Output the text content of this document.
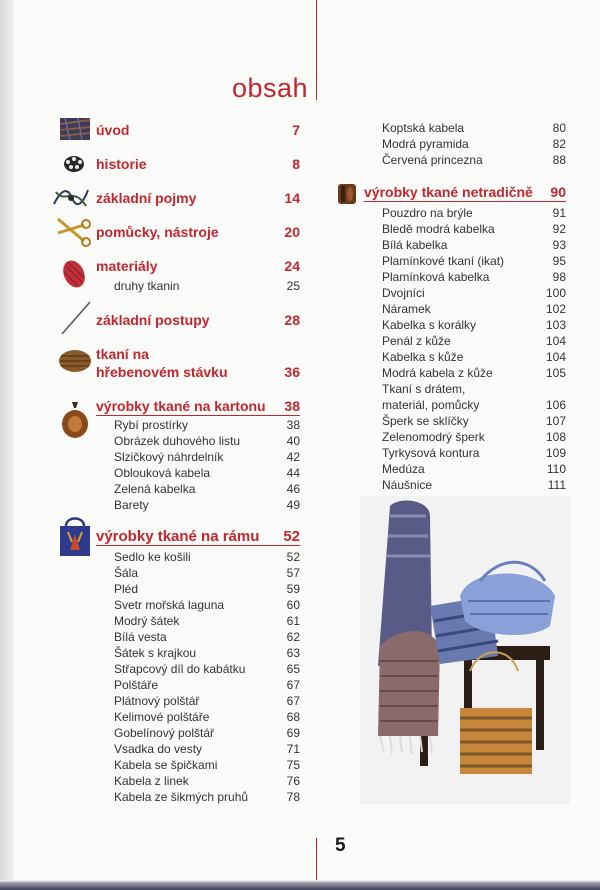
obsah
úvod	7
historie	8
základní pojmy	14
pomůcky, nástroje	20
materiály	24
druhy tkanin	25
základní postupy	28
tkaní na
hřebenovém stávku	36
výrobky tkané na kartonu	38
Rybí prostírky	38
Obrázek duhového listu	40
Slzičkový náhrdelník	42
Oblouková kabela	44
Zelená kabelka	46
Barety	49
výrobky tkané na rámu	52
Sedlo ke košili	52
Šála	57
Pléd	59
Svetr mořská laguna	60
Modrý šátek	61
Bílá vesta	62
Šátek s krajkou	63
Střapcový díl do kabátku	65
Polštáře	67
Plátnový polštář	67
Kelimové polštáře	68
Gobelínový polštář	69
Vsadka do vesty	71
Kabela se špičkami	75
Kabela z linek	76
Kabela ze šikmých pruhů	78
Koptská kabela	80
Modrá pyramida	82
Červená princezna	88
výrobky tkané netradičně	90
Pouzdro na brýle	91
Bledě modrá kabelka	92
Bílá kabelka	93
Plamínkové tkaní (ikat)	95
Plamínková kabelka	98
Dvojníci	100
Náramek	102
Kabelka s korálky	103
Penál z kůže	104
Kabelka s kůže	104
Modrá kabela z kůže	105
Tkaní s drátem,
materiál, pomůcky	106
Šperk se sklíčky	107
Zelenomodrý šperk	108
Tyrkysová kontura	109
Medúza	110
Náušnice	111
5
